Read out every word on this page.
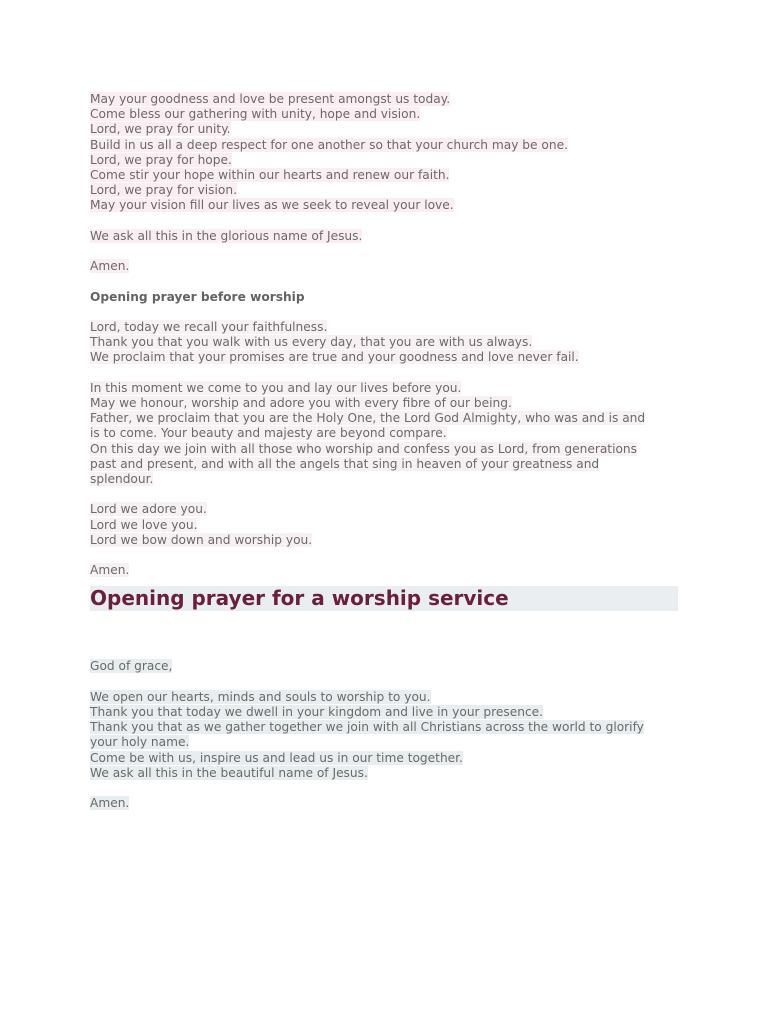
May your goodness and love be present amongst us today.
Come bless our gathering with unity, hope and vision.
Lord, we pray for unity.
Build in us all a deep respect for one another so that your church may be one.
Lord, we pray for hope.
Come stir your hope within our hearts and renew our faith.
Lord, we pray for vision.
May your vision fill our lives as we seek to reveal your love.
We ask all this in the glorious name of Jesus.
Amen.
Opening prayer before worship
Lord, today we recall your faithfulness.
Thank you that you walk with us every day, that you are with us always.
We proclaim that your promises are true and your goodness and love never fail.
In this moment we come to you and lay our lives before you.
May we honour, worship and adore you with every fibre of our being.
Father, we proclaim that you are the Holy One, the Lord God Almighty, who was and is and
is to come. Your beauty and majesty are beyond compare.
On this day we join with all those who worship and confess you as Lord, from generations
past and present, and with all the angels that sing in heaven of your greatness and
splendour.
Lord we adore you.
Lord we love you.
Lord we bow down and worship you.
Amen.
Opening prayer for a worship service
God of grace,
We open our hearts, minds and souls to worship to you.
Thank you that today we dwell in your kingdom and live in your presence.
Thank you that as we gather together we join with all Christians across the world to glorify
your holy name.
Come be with us, inspire us and lead us in our time together.
We ask all this in the beautiful name of Jesus.
Amen.
